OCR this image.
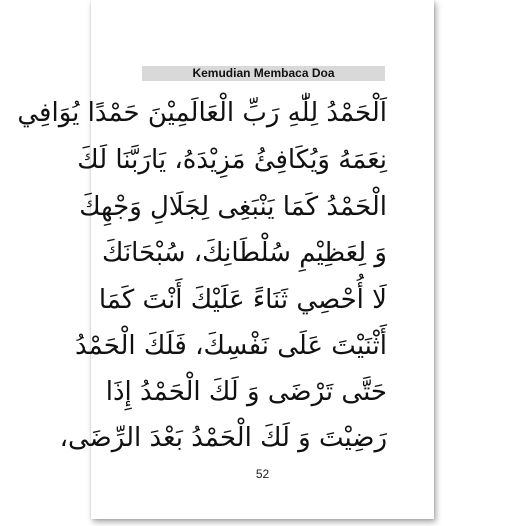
Kemudian Membaca Doa
اَلْحَمْدُ لِلّٰهِ رَبِّ الْعَالَمِيْنَ حَمْدًا يُوَافِي
نِعَمَهُ وَيُكَافِئُ مَزِيْدَهُ، يَارَبَّنَا لَكَ
الْحَمْدُ كَمَا يَنْبَغِى لِجَلَالِ وَجْهِكَ
وَ لِعَظِيْمِ سُلْطَانِكَ، سُبْحَانَكَ
لَا أُحْصِي ثَنَاءً عَلَيْكَ أَنْتَ كَمَا
أَثْنَيْتَ عَلَى نَفْسِكَ، فَلَكَ الْحَمْدُ
حَتَّى تَرْضَى وَ لَكَ الْحَمْدُ إِذَا
رَضِيْتَ وَ لَكَ الْحَمْدُ بَعْدَ الرِّضَى،
52
